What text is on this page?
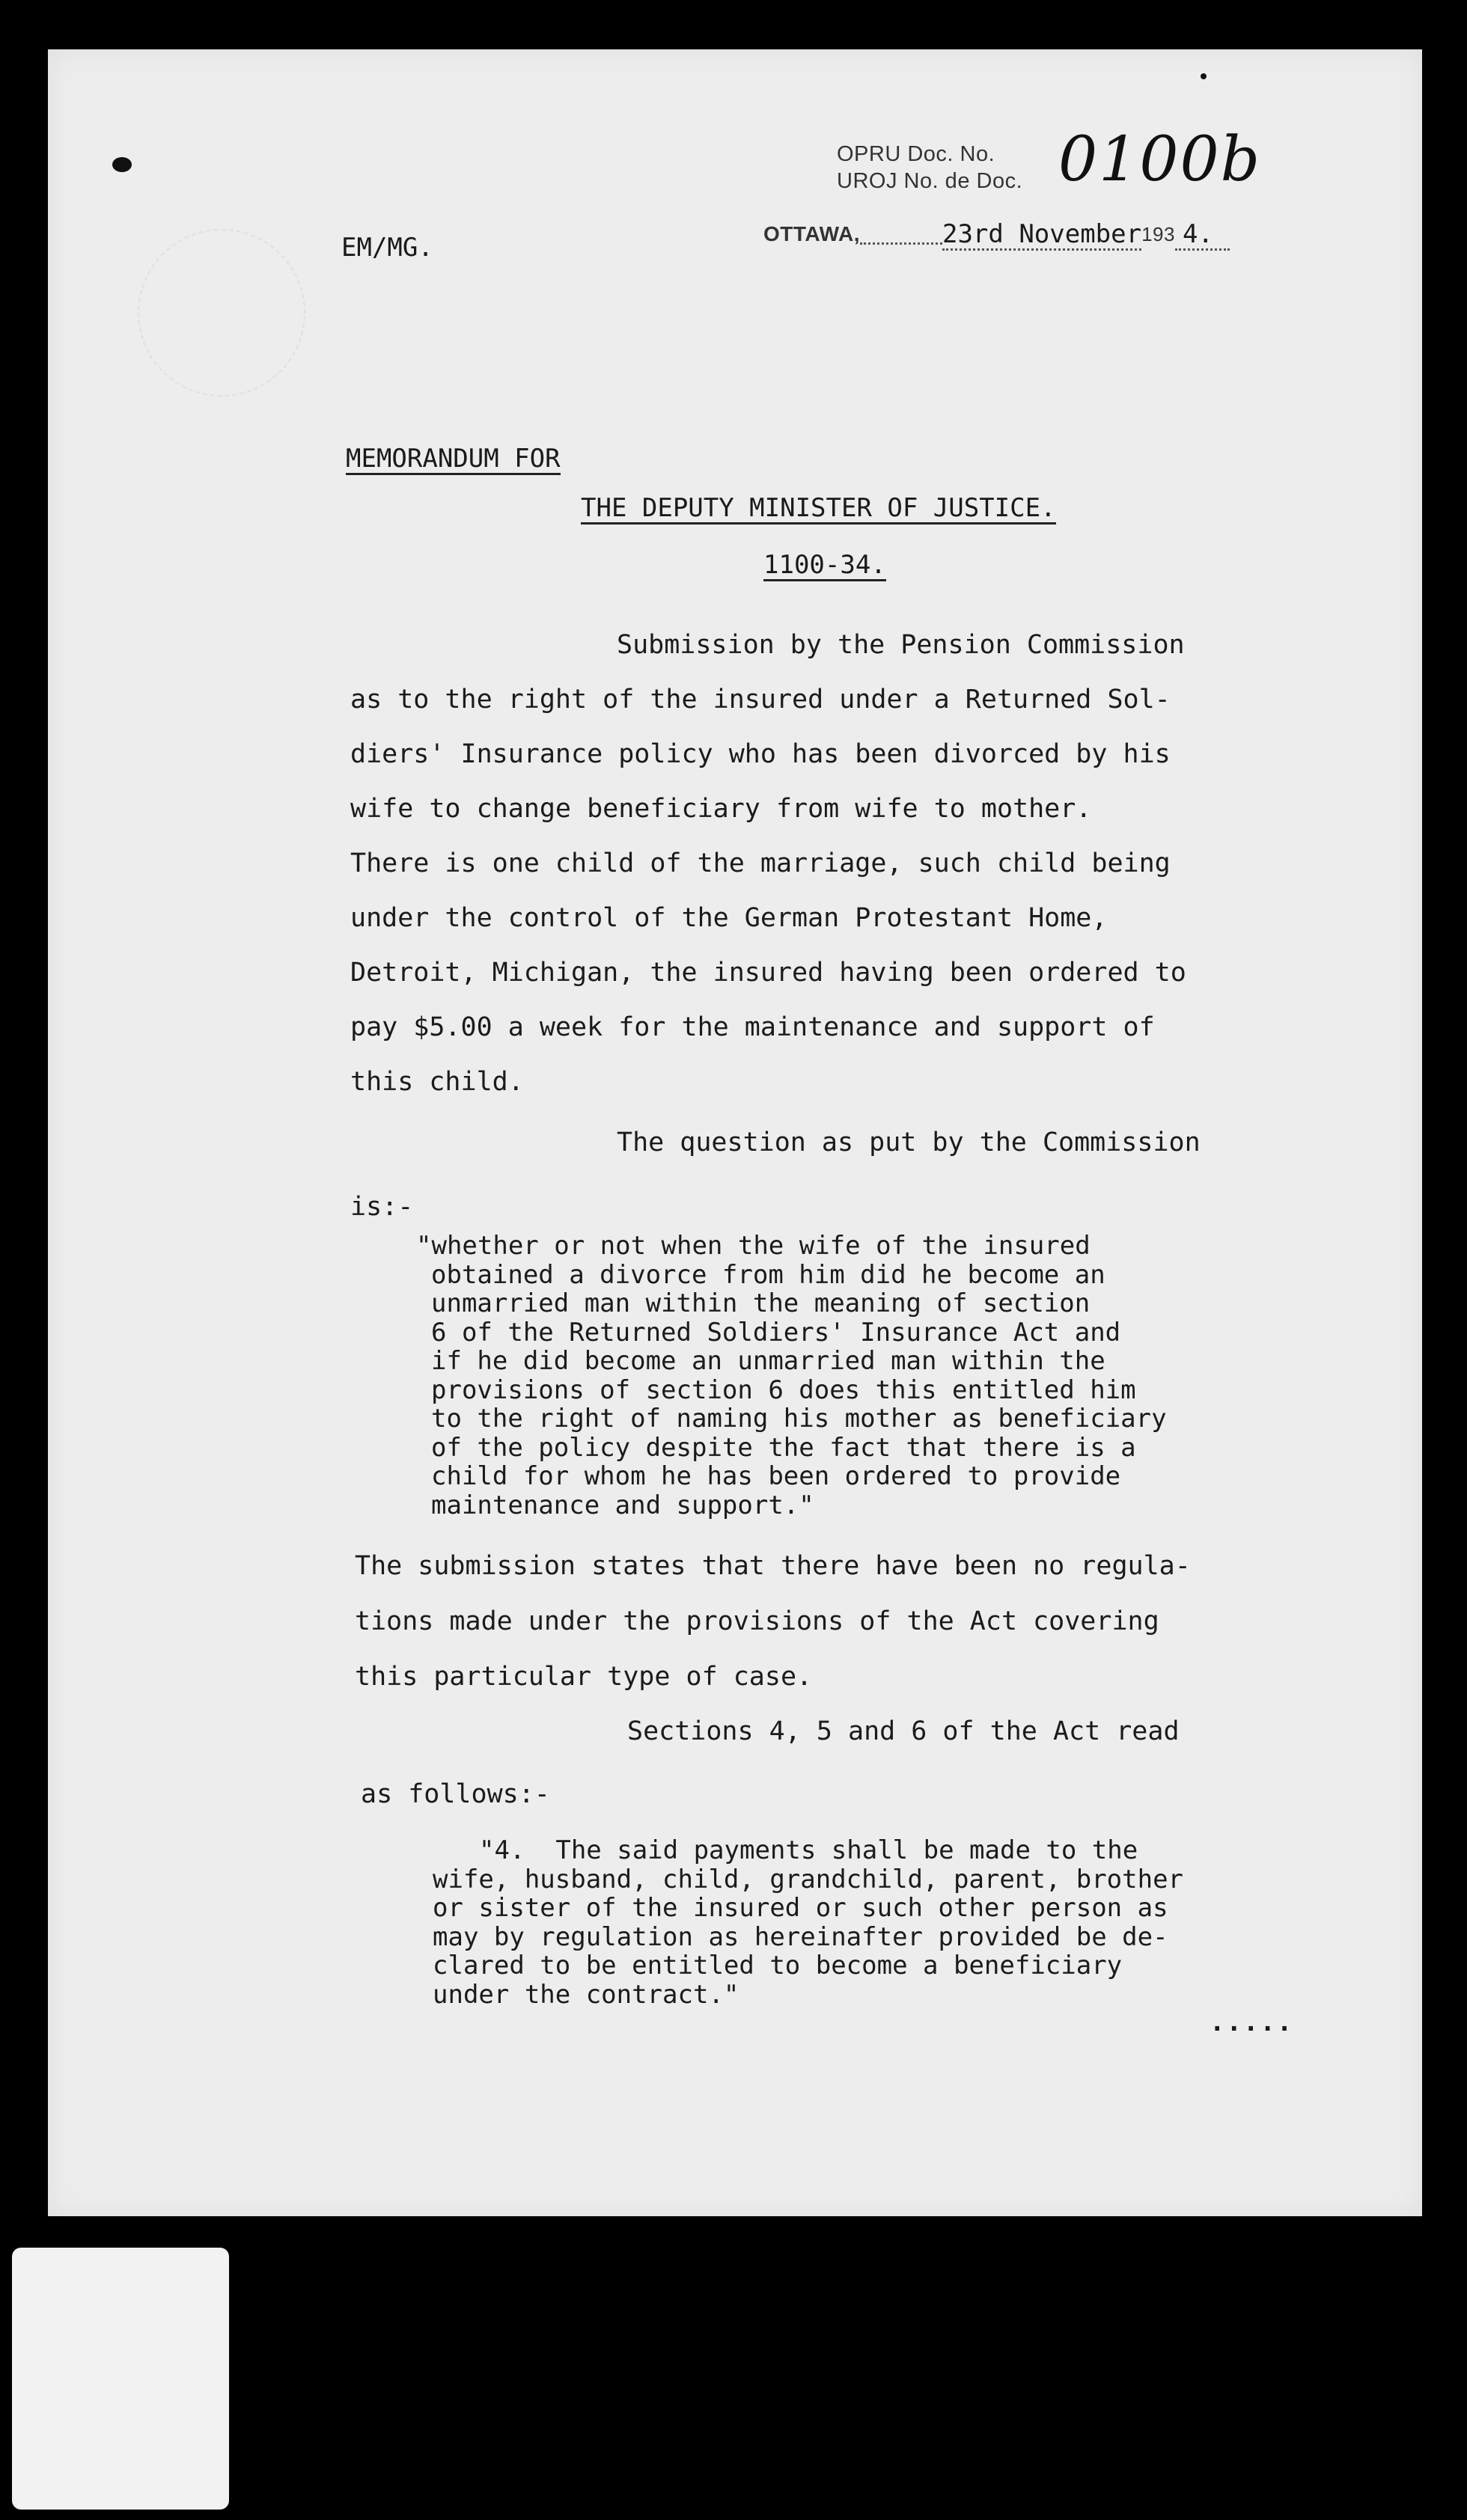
OPRU Doc. No.
UROJ No. de Doc. 0100b
EM/MG.	OTTAWA,	23rd November 193 4.
MEMORANDUM FOR
THE DEPUTY MINISTER OF JUSTICE.
1100-34.
Submission by the Pension Commission
as to the right of the insured under a Returned Sol-
diers' Insurance policy who has been divorced by his
wife to change beneficiary from wife to mother.
There is one child of the marriage, such child being
under the control of the German Protestant Home,
Detroit, Michigan, the insured having been ordered to
pay $5.00 a week for the maintenance and support of
this child.
The question as put by the Commission
is:-
"whether or not when the wife of the insured
obtained a divorce from him did he become an
unmarried man within the meaning of section
6 of the Returned Soldiers' Insurance Act and
if he did become an unmarried man within the
provisions of section 6 does this entitled him
to the right of naming his mother as beneficiary
of the policy despite the fact that there is a
child for whom he has been ordered to provide
maintenance and support."
The submission states that there have been no regula-
tions made under the provisions of the Act covering
this particular type of case.
Sections 4, 5 and 6 of the Act read
as follows:-
"4.  The said payments shall be made to the
wife, husband, child, grandchild, parent, brother
or sister of the insured or such other person as
may by regulation as hereinafter provided be de-
clared to be entitled to become a beneficiary
under the contract."
.....
